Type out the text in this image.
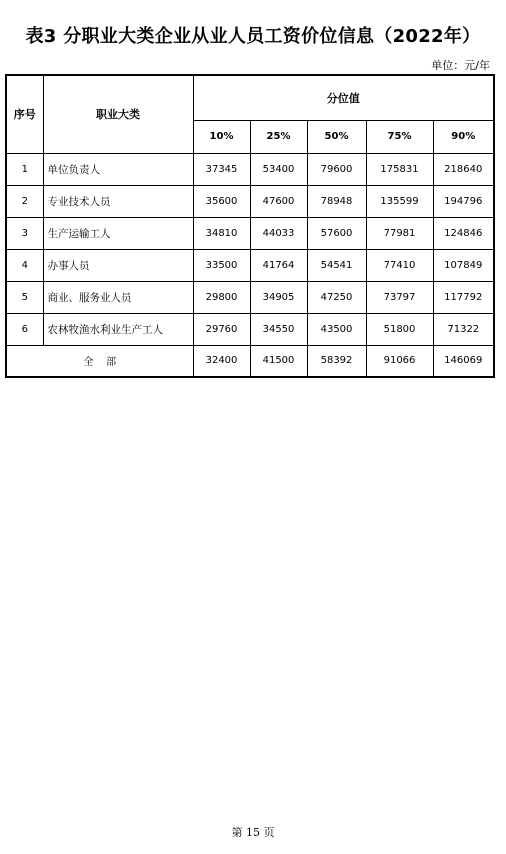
表3 分职业大类企业从业人员工资价位信息（2022年）
单位：元/年
序号	职业大类	分位值				
		10%	25%	50%	75%	90%
1	单位负责人	37345	53400	79600	175831	218640
2	专业技术人员	35600	47600	78948	135599	194796
3	生产运输工人	34810	44033	57600	77981	124846
4	办事人员	33500	41764	54541	77410	107849
5	商业、服务业人员	29800	34905	47250	73797	117792
6	农林牧渔水利业生产工人	29760	34550	43500	51800	71322
全    部		32400	41500	58392	91066	146069
第 15 页
